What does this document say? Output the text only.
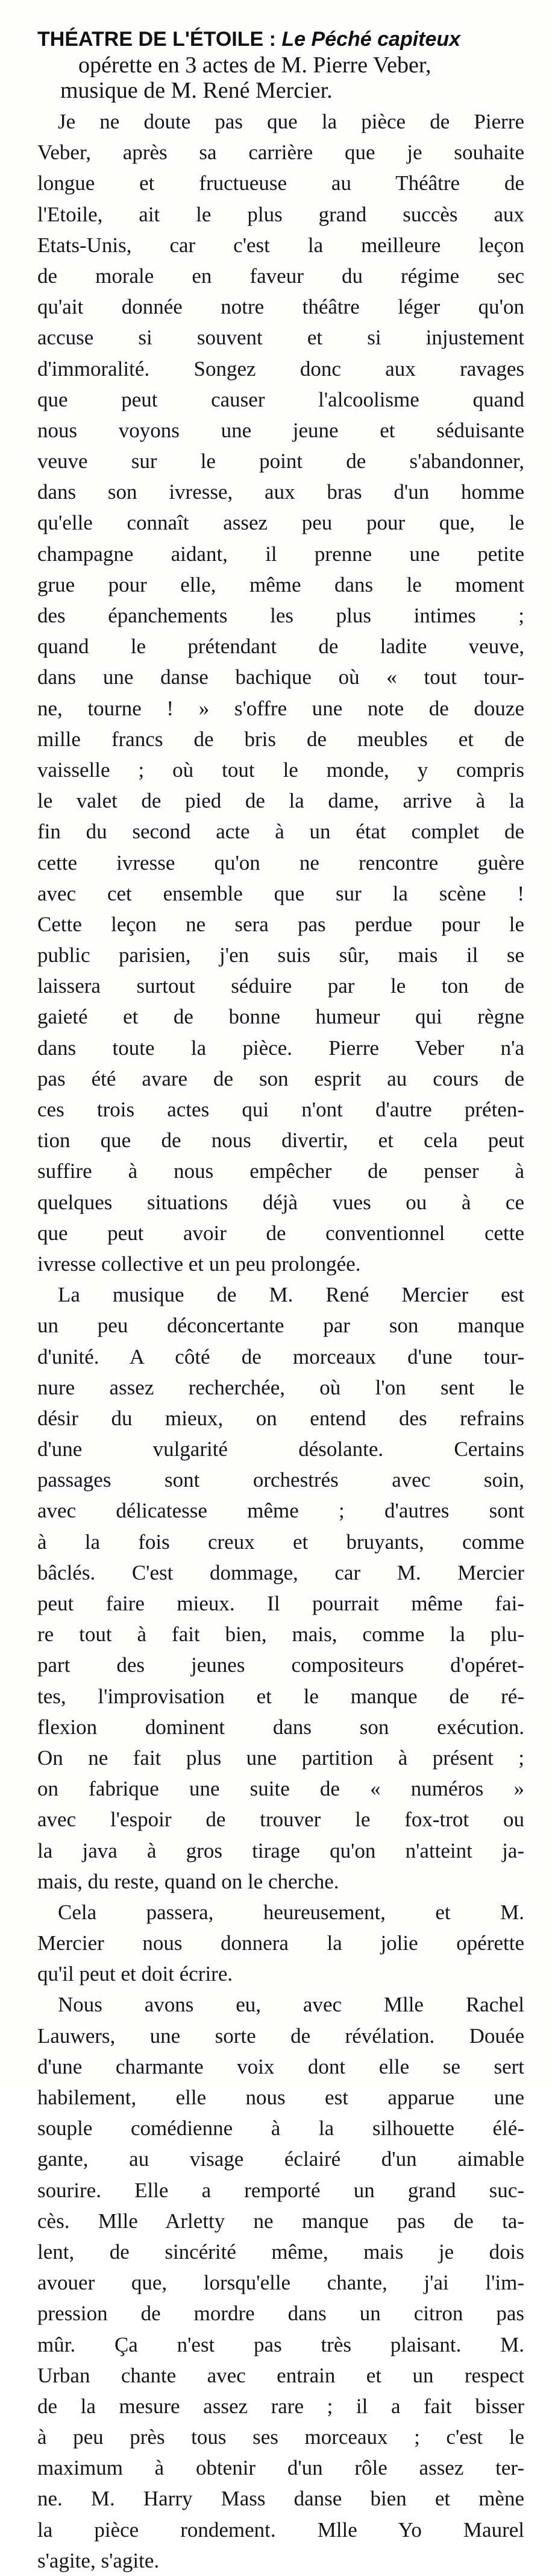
THÉATRE DE L'ÉTOILE : Le Péché capiteux
opérette en 3 actes de M. Pierre Veber,
musique de M. René Mercier.
Je ne doute pas que la pièce de Pierre
Veber, après sa carrière que je souhaite
longue et fructueuse au Théâtre de
l'Etoile, ait le plus grand succès aux
Etats-Unis, car c'est la meilleure leçon
de morale en faveur du régime sec
qu'ait donnée notre théâtre léger qu'on
accuse si souvent et si injustement
d'immoralité. Songez donc aux ravages
que peut causer l'alcoolisme quand
nous voyons une jeune et séduisante
veuve sur le point de s'abandonner,
dans son ivresse, aux bras d'un homme
qu'elle connaît assez peu pour que, le
champagne aidant, il prenne une petite
grue pour elle, même dans le moment
des épanchements les plus intimes ;
quand le prétendant de ladite veuve,
dans une danse bachique où « tout tour-
ne, tourne ! » s'offre une note de douze
mille francs de bris de meubles et de
vaisselle ; où tout le monde, y compris
le valet de pied de la dame, arrive à la
fin du second acte à un état complet de
cette ivresse qu'on ne rencontre guère
avec cet ensemble que sur la scène !
Cette leçon ne sera pas perdue pour le
public parisien, j'en suis sûr, mais il se
laissera surtout séduire par le ton de
gaieté et de bonne humeur qui règne
dans toute la pièce. Pierre Veber n'a
pas été avare de son esprit au cours de
ces trois actes qui n'ont d'autre préten-
tion que de nous divertir, et cela peut
suffire à nous empêcher de penser à
quelques situations déjà vues ou à ce
que peut avoir de conventionnel cette
ivresse collective et un peu prolongée.
La musique de M. René Mercier est
un peu déconcertante par son manque
d'unité. A côté de morceaux d'une tour-
nure assez recherchée, où l'on sent le
désir du mieux, on entend des refrains
d'une vulgarité désolante. Certains
passages sont orchestrés avec soin,
avec délicatesse même ; d'autres sont
à la fois creux et bruyants, comme
bâclés. C'est dommage, car M. Mercier
peut faire mieux. Il pourrait même fai-
re tout à fait bien, mais, comme la plu-
part des jeunes compositeurs d'opéret-
tes, l'improvisation et le manque de ré-
flexion dominent dans son exécution.
On ne fait plus une partition à présent ;
on fabrique une suite de « numéros »
avec l'espoir de trouver le fox-trot ou
la java à gros tirage qu'on n'atteint ja-
mais, du reste, quand on le cherche.
Cela passera, heureusement, et M.
Mercier nous donnera la jolie opérette
qu'il peut et doit écrire.
Nous avons eu, avec Mlle Rachel
Lauwers, une sorte de révélation. Douée
d'une charmante voix dont elle se sert
habilement, elle nous est apparue une
souple comédienne à la silhouette élé-
gante, au visage éclairé d'un aimable
sourire. Elle a remporté un grand suc-
cès. Mlle Arletty ne manque pas de ta-
lent, de sincérité même, mais je dois
avouer que, lorsqu'elle chante, j'ai l'im-
pression de mordre dans un citron pas
mûr. Ça n'est pas très plaisant. M.
Urban chante avec entrain et un respect
de la mesure assez rare ; il a fait bisser
à peu près tous ses morceaux ; c'est le
maximum à obtenir d'un rôle assez ter-
ne. M. Harry Mass danse bien et mène
la pièce rondement. Mlle Yo Maurel
s'agite, s'agite.
